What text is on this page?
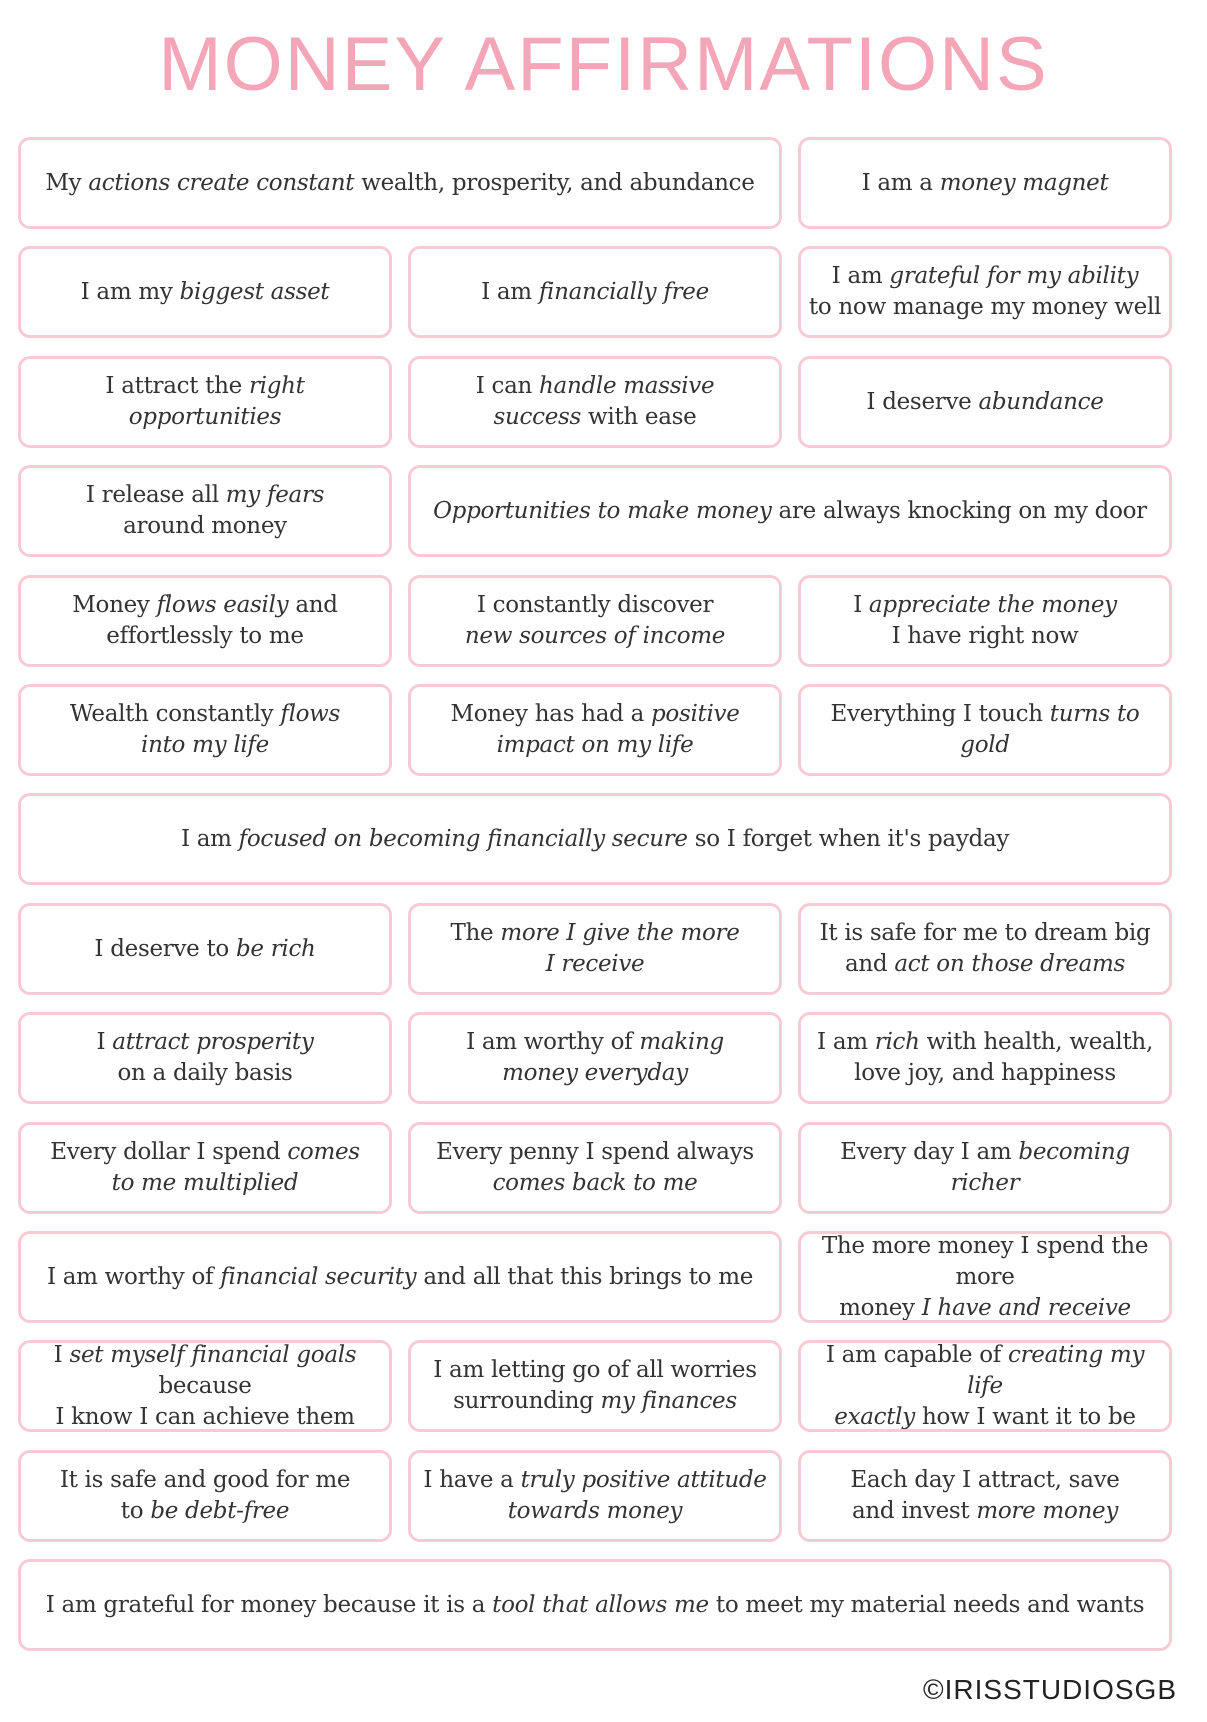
MONEY AFFIRMATIONS
My actions create constant wealth, prosperity, and abundance	I am a money magnet
I am my biggest asset	I am financially free
I am grateful for my ability
to now manage my money well
I attract the right opportunities
I can handle massive
success with ease
I deserve abundance
I release all my fears
around money
Opportunities to make money are always knocking on my door
Money flows easily and
effortlessly to me
I constantly discover
new sources of income
I appreciate the money
I have right now
Wealth constantly flows
into my life
Money has had a positive
impact on my life
Everything I touch turns to gold
I am focused on becoming financially secure so I forget when it's payday
I deserve to be rich
The more I give the more
I receive
It is safe for me to dream big
and act on those dreams
I attract prosperity
on a daily basis
I am worthy of making
money everyday
I am rich with health, wealth,
love joy, and happiness
Every dollar I spend comes
to me multiplied
Every penny I spend always
comes back to me
Every day I am becoming richer
I am worthy of financial security and all that this brings to me
The more money I spend the more
money I have and receive
I set myself financial goals because
I know I can achieve them
I am letting go of all worries
surrounding my finances
I am capable of creating my life
exactly how I want it to be
It is safe and good for me
to be debt-free
I have a truly positive attitude
towards money
Each day I attract, save
and invest more money
I am grateful for money because it is a tool that allows me to meet my material needs and wants
©IRISSTUDIOSGB
